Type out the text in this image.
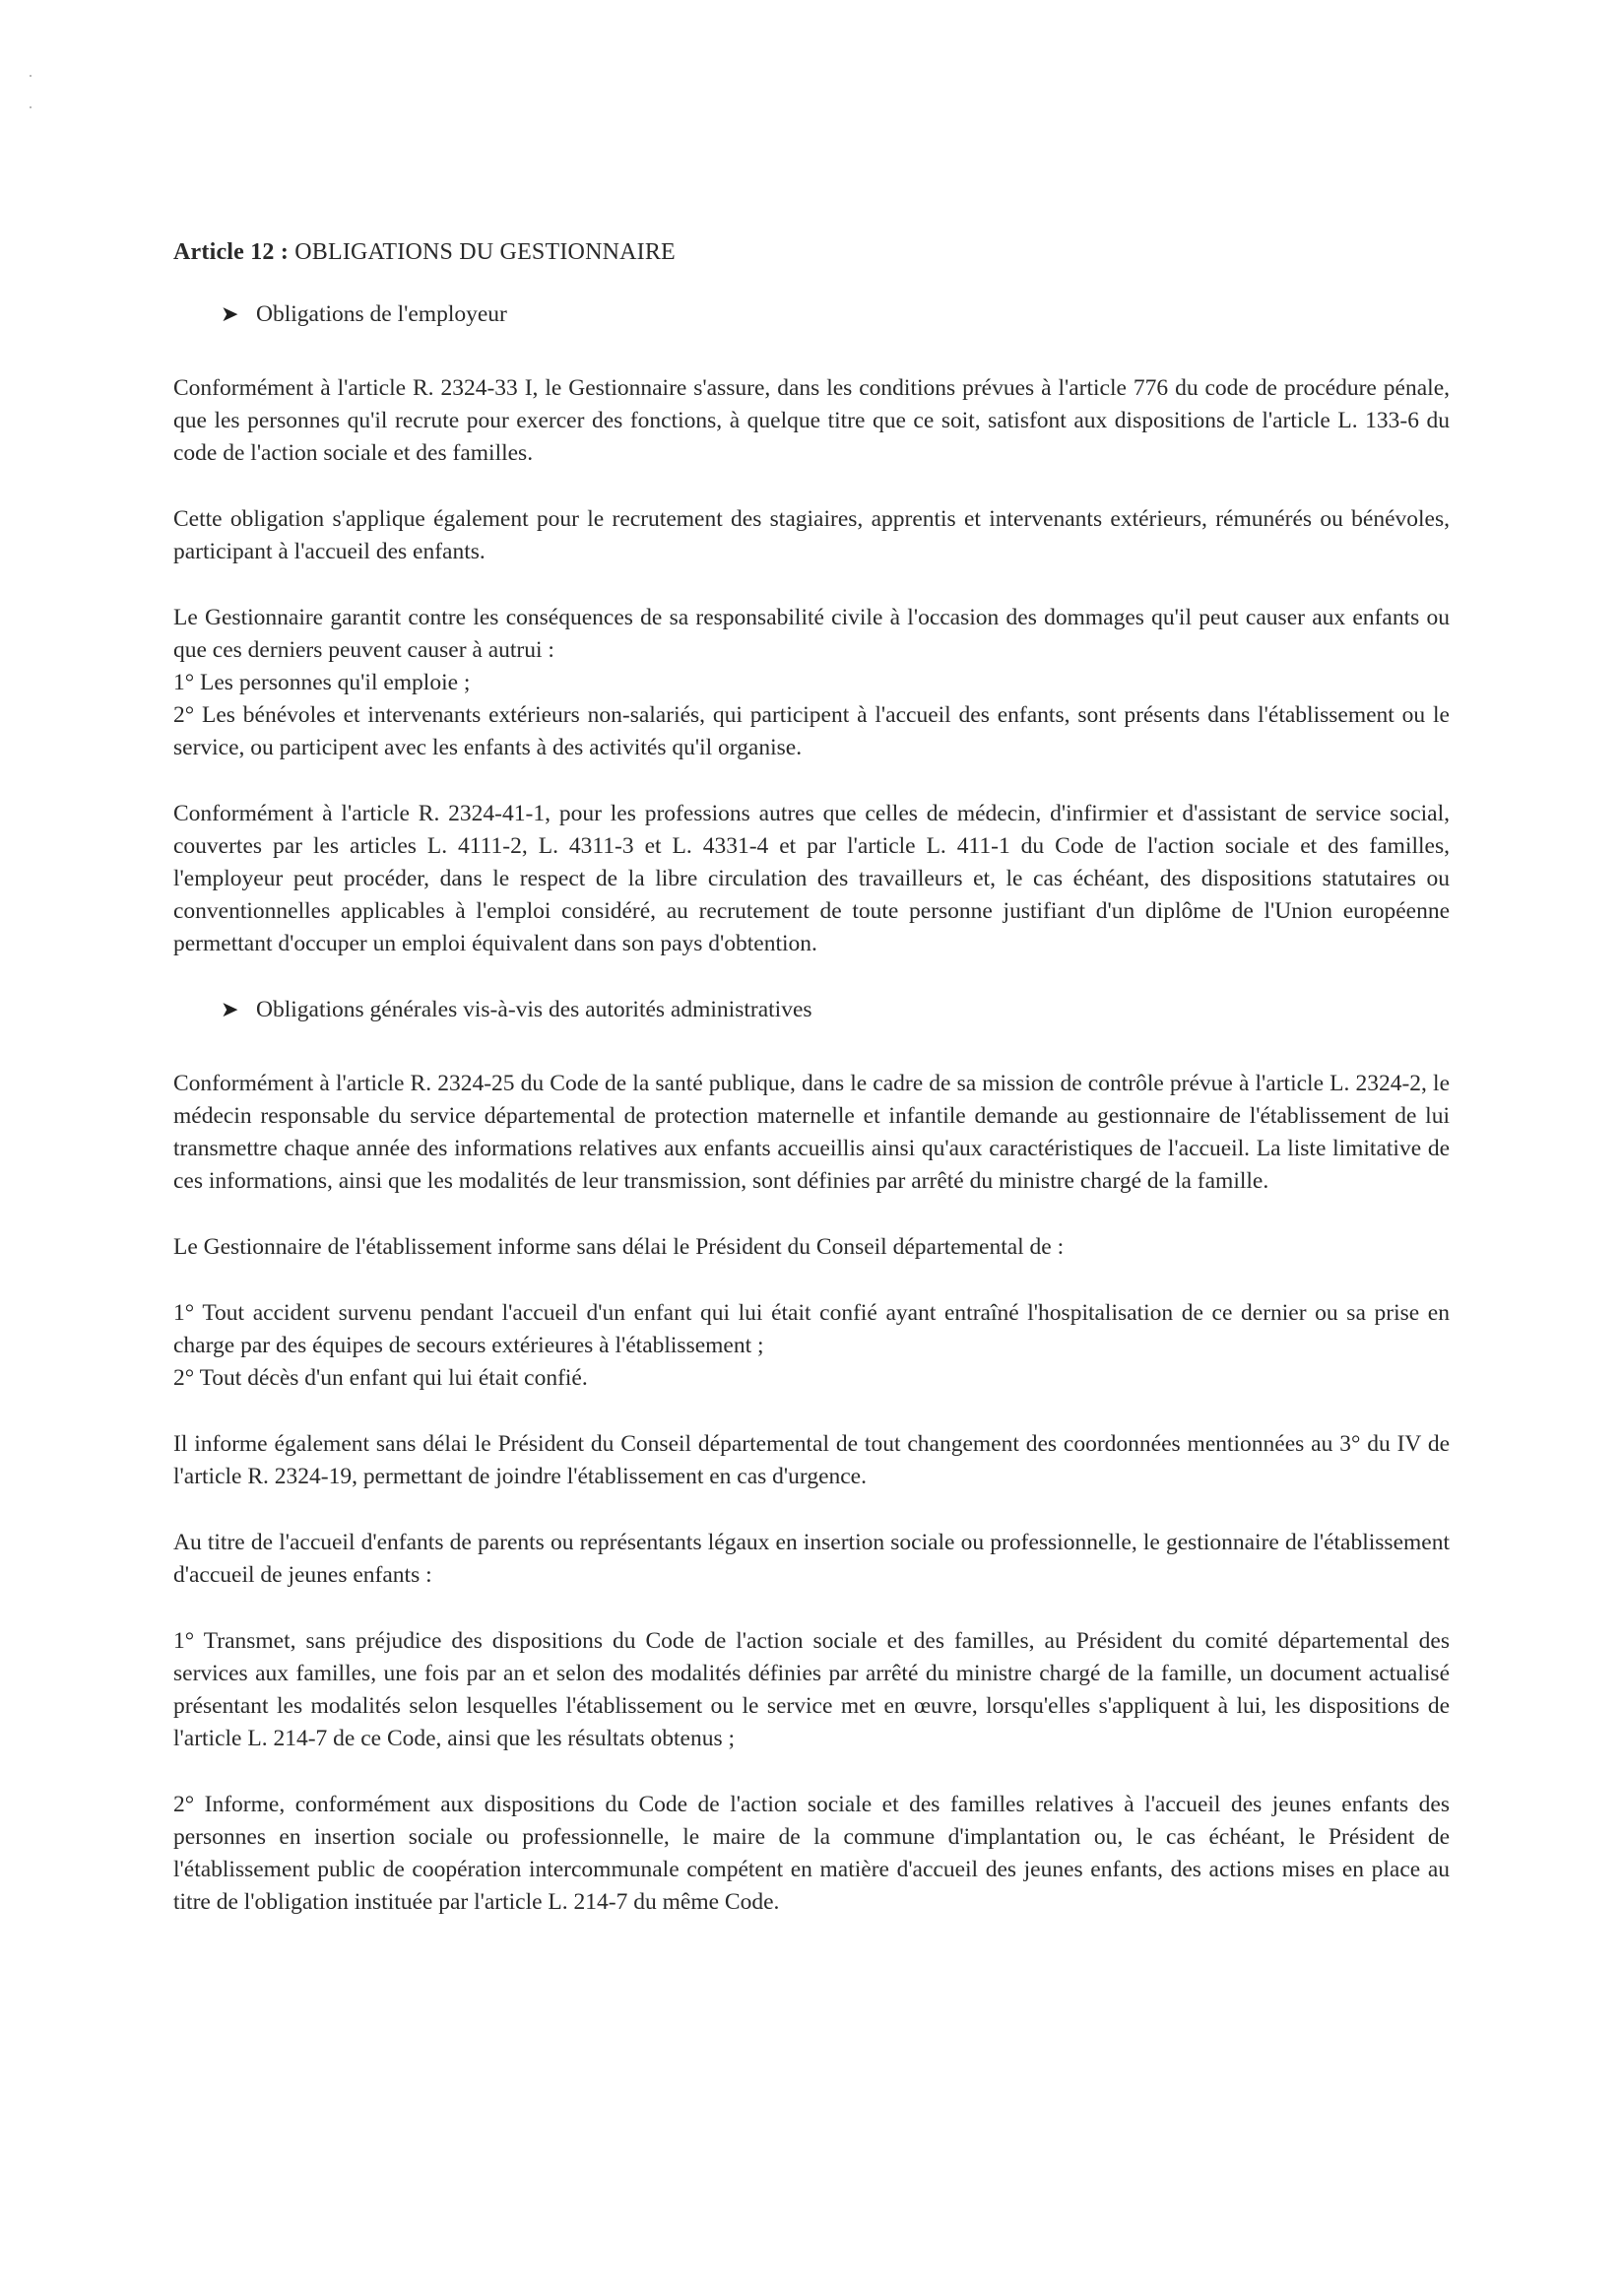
Article 12 : OBLIGATIONS DU GESTIONNAIRE
➤ Obligations de l'employeur

Conformément à l'article R. 2324-33 I, le Gestionnaire s'assure, dans les conditions prévues à l'article 776 du code de procédure pénale, que les personnes qu'il recrute pour exercer des fonctions, à quelque titre que ce soit, satisfont aux dispositions de l'article L. 133-6 du code de l'action sociale et des familles.

Cette obligation s'applique également pour le recrutement des stagiaires, apprentis et intervenants extérieurs, rémunérés ou bénévoles, participant à l'accueil des enfants.

Le Gestionnaire garantit contre les conséquences de sa responsabilité civile à l'occasion des dommages qu'il peut causer aux enfants ou que ces derniers peuvent causer à autrui :
1° Les personnes qu'il emploie ;
2° Les bénévoles et intervenants extérieurs non-salariés, qui participent à l'accueil des enfants, sont présents dans l'établissement ou le service, ou participent avec les enfants à des activités qu'il organise.

Conformément à l'article R. 2324-41-1, pour les professions autres que celles de médecin, d'infirmier et d'assistant de service social, couvertes par les articles L. 4111-2, L. 4311-3 et L. 4331-4 et par l'article L. 411-1 du Code de l'action sociale et des familles, l'employeur peut procéder, dans le respect de la libre circulation des travailleurs et, le cas échéant, des dispositions statutaires ou conventionnelles applicables à l'emploi considéré, au recrutement de toute personne justifiant d'un diplôme de l'Union européenne permettant d'occuper un emploi équivalent dans son pays d'obtention.

➤ Obligations générales vis-à-vis des autorités administratives

Conformément à l'article R. 2324-25 du Code de la santé publique, dans le cadre de sa mission de contrôle prévue à l'article L. 2324-2, le médecin responsable du service départemental de protection maternelle et infantile demande au gestionnaire de l'établissement de lui transmettre chaque année des informations relatives aux enfants accueillis ainsi qu'aux caractéristiques de l'accueil. La liste limitative de ces informations, ainsi que les modalités de leur transmission, sont définies par arrêté du ministre chargé de la famille.

Le Gestionnaire de l'établissement informe sans délai le Président du Conseil départemental de :

1° Tout accident survenu pendant l'accueil d'un enfant qui lui était confié ayant entraîné l'hospitalisation de ce dernier ou sa prise en charge par des équipes de secours extérieures à l'établissement ;
2° Tout décès d'un enfant qui lui était confié.

Il informe également sans délai le Président du Conseil départemental de tout changement des coordonnées mentionnées au 3° du IV de l'article R. 2324-19, permettant de joindre l'établissement en cas d'urgence.

Au titre de l'accueil d'enfants de parents ou représentants légaux en insertion sociale ou professionnelle, le gestionnaire de l'établissement d'accueil de jeunes enfants :

1° Transmet, sans préjudice des dispositions du Code de l'action sociale et des familles, au Président du comité départemental des services aux familles, une fois par an et selon des modalités définies par arrêté du ministre chargé de la famille, un document actualisé présentant les modalités selon lesquelles l'établissement ou le service met en œuvre, lorsqu'elles s'appliquent à lui, les dispositions de l'article L. 214-7 de ce Code, ainsi que les résultats obtenus ;

2° Informe, conformément aux dispositions du Code de l'action sociale et des familles relatives à l'accueil des jeunes enfants des personnes en insertion sociale ou professionnelle, le maire de la commune d'implantation ou, le cas échéant, le Président de l'établissement public de coopération intercommunale compétent en matière d'accueil des jeunes enfants, des actions mises en place au titre de l'obligation instituée par l'article L. 214-7 du même Code.
